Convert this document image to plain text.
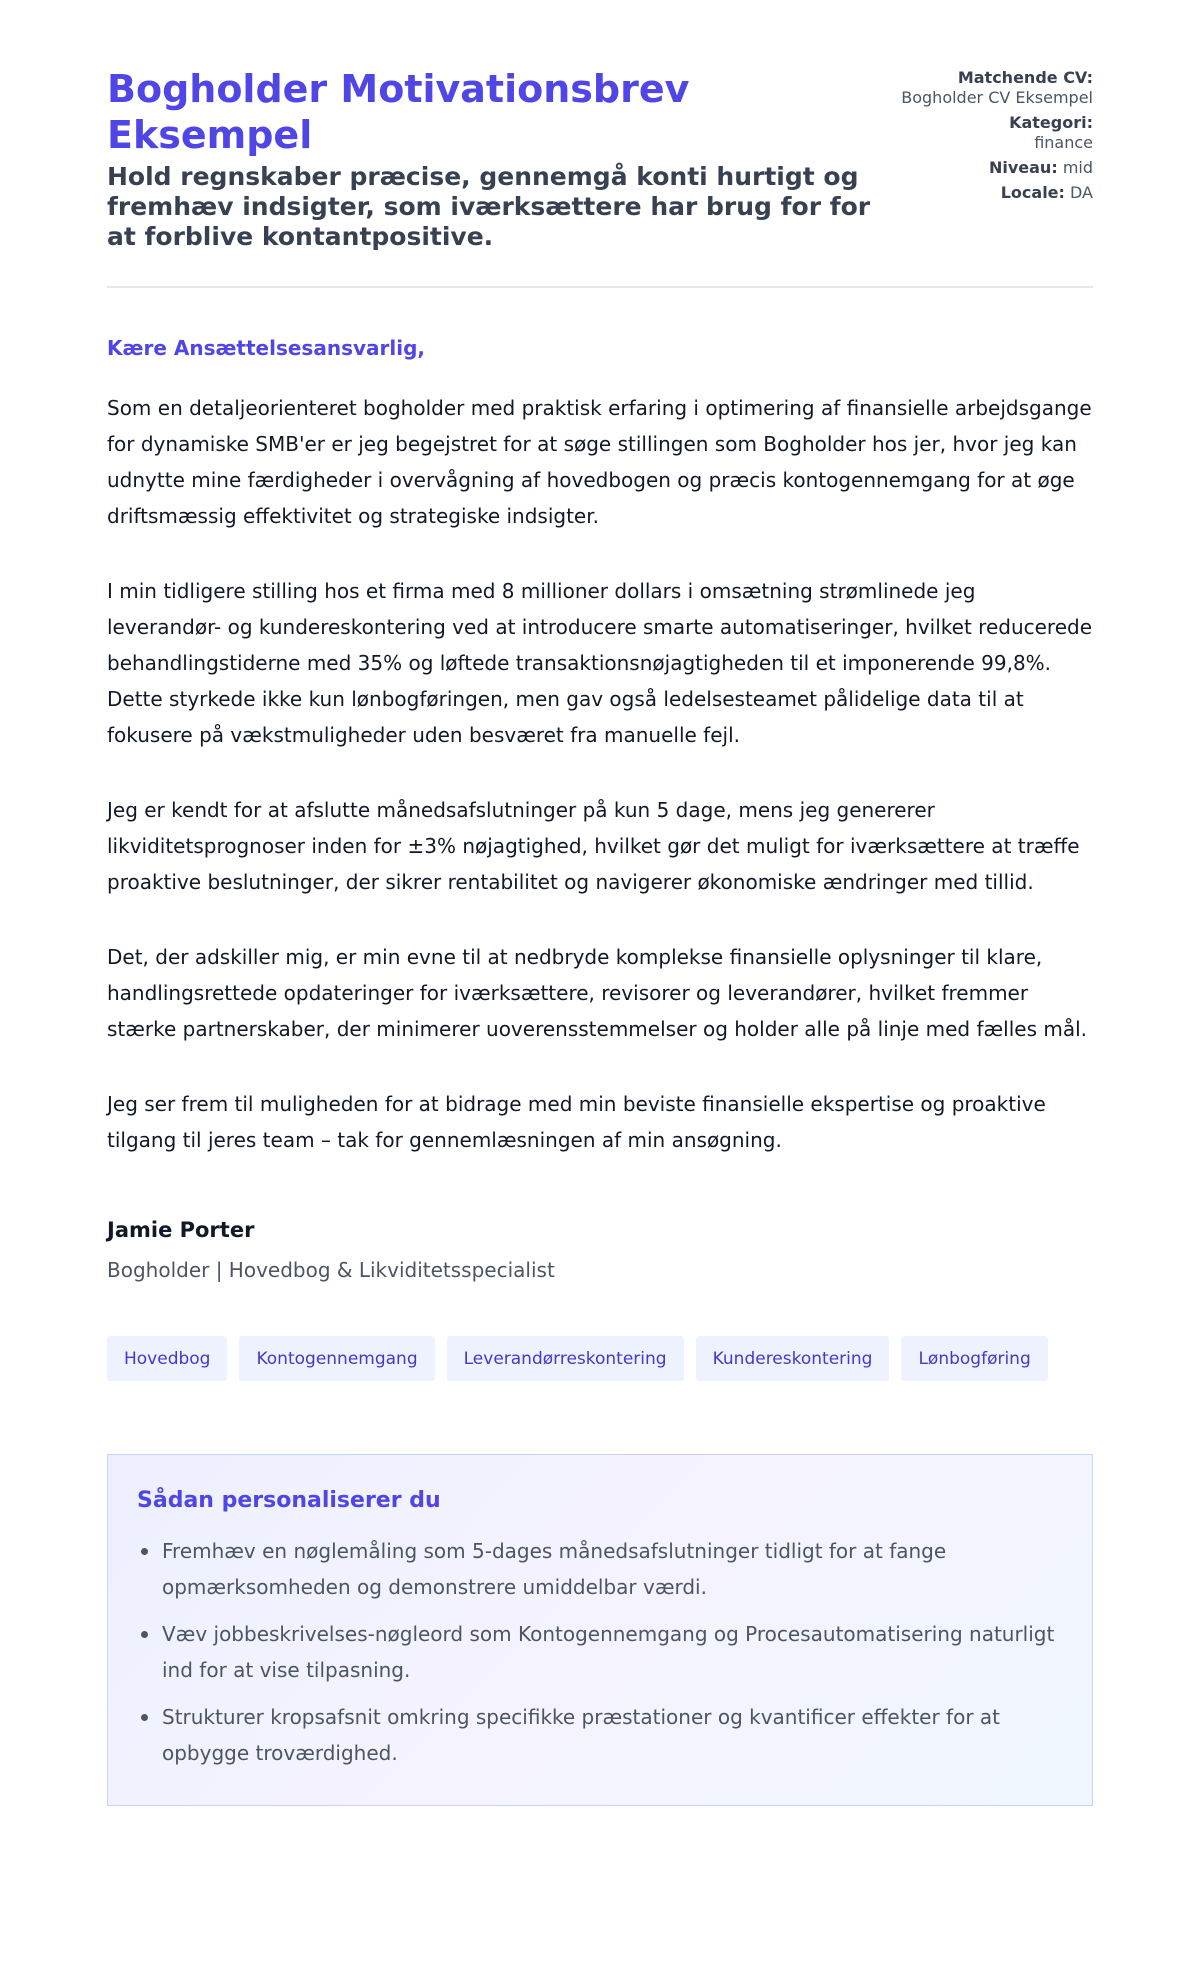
Bogholder Motivationsbrev Eksempel
Hold regnskaber præcise, gennemgå konti hurtigt og fremhæv indsigter, som iværksættere har brug for for at forblive kontantpositive.
Matchende CV:
Bogholder CV Eksempel
Kategori:
finance
Niveau: mid
Locale: DA

Kære Ansættelsesansvarlig,

Som en detaljeorienteret bogholder med praktisk erfaring i optimering af finansielle arbejdsgange for dynamiske SMB'er er jeg begejstret for at søge stillingen som Bogholder hos jer, hvor jeg kan udnytte mine færdigheder i overvågning af hovedbogen og præcis kontogennemgang for at øge driftsmæssig effektivitet og strategiske indsigter.

I min tidligere stilling hos et firma med 8 millioner dollars i omsætning strømlinede jeg leverandør- og kundereskontering ved at introducere smarte automatiseringer, hvilket reducerede behandlingstiderne med 35% og løftede transaktionsnøjagtigheden til et imponerende 99,8%. Dette styrkede ikke kun lønbogføringen, men gav også ledelsesteamet pålidelige data til at fokusere på vækstmuligheder uden besværet fra manuelle fejl.

Jeg er kendt for at afslutte månedsafslutninger på kun 5 dage, mens jeg genererer likviditetsprognoser inden for ±3% nøjagtighed, hvilket gør det muligt for iværksættere at træffe proaktive beslutninger, der sikrer rentabilitet og navigerer økonomiske ændringer med tillid.

Det, der adskiller mig, er min evne til at nedbryde komplekse finansielle oplysninger til klare, handlingsrettede opdateringer for iværksættere, revisorer og leverandører, hvilket fremmer stærke partnerskaber, der minimerer uoverensstemmelser og holder alle på linje med fælles mål.

Jeg ser frem til muligheden for at bidrage med min beviste finansielle ekspertise og proaktive tilgang til jeres team – tak for gennemlæsningen af min ansøgning.

Jamie Porter
Bogholder | Hovedbog & Likviditetsspecialist
Hovedbog	Kontogennemgang	Leverandørreskontering	Kundereskontering	Lønbogføring
Sådan personaliserer du
Fremhæv en nøglemåling som 5-dages månedsafslutninger tidligt for at fange opmærksomheden og demonstrere umiddelbar værdi.
Væv jobbeskrivelses-nøgleord som Kontogennemgang og Procesautomatisering naturligt ind for at vise tilpasning.
Strukturer kropsafsnit omkring specifikke præstationer og kvantificer effekter for at opbygge troværdighed.
